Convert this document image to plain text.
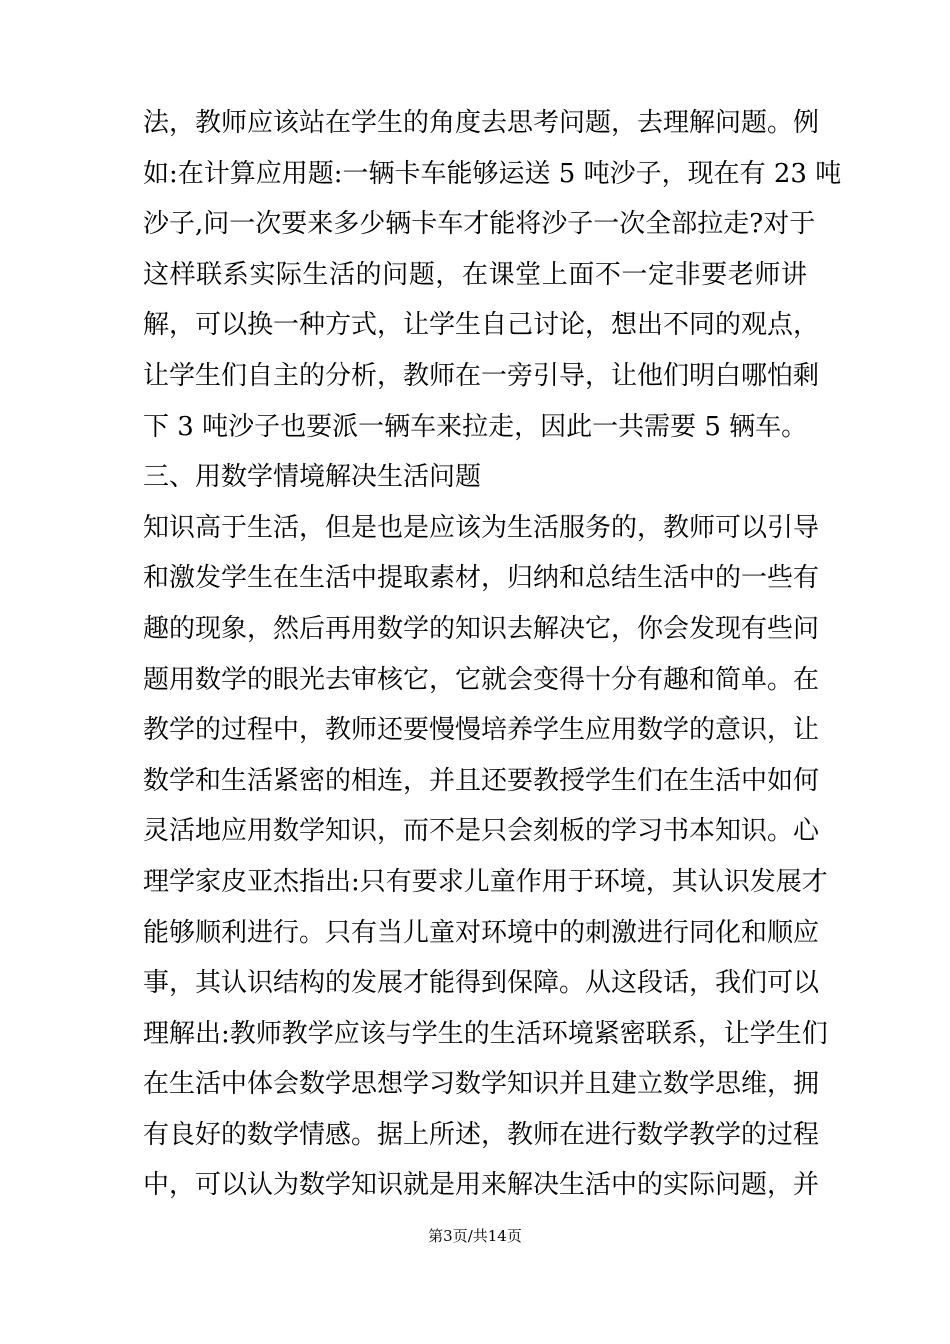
法，教师应该站在学生的角度去思考问题，去理解问题。例
如:在计算应用题:一辆卡车能够运送 5 吨沙子，现在有 23 吨
沙子,问一次要来多少辆卡车才能将沙子一次全部拉走?对于
这样联系实际生活的问题，在课堂上面不一定非要老师讲
解，可以换一种方式，让学生自己讨论，想出不同的观点，
让学生们自主的分析，教师在一旁引导，让他们明白哪怕剩
下 3 吨沙子也要派一辆车来拉走，因此一共需要 5 辆车。
三、用数学情境解决生活问题
知识高于生活，但是也是应该为生活服务的，教师可以引导
和激发学生在生活中提取素材，归纳和总结生活中的一些有
趣的现象，然后再用数学的知识去解决它，你会发现有些问
题用数学的眼光去审核它，它就会变得十分有趣和简单。在
教学的过程中，教师还要慢慢培养学生应用数学的意识，让
数学和生活紧密的相连，并且还要教授学生们在生活中如何
灵活地应用数学知识，而不是只会刻板的学习书本知识。心
理学家皮亚杰指出:只有要求儿童作用于环境，其认识发展才
能够顺利进行。只有当儿童对环境中的刺激进行同化和顺应
事，其认识结构的发展才能得到保障。从这段话，我们可以
理解出:教师教学应该与学生的生活环境紧密联系，让学生们
在生活中体会数学思想学习数学知识并且建立数学思维，拥
有良好的数学情感。据上所述，教师在进行数学教学的过程
中，可以认为数学知识就是用来解决生活中的实际问题，并
第3页/共14页
